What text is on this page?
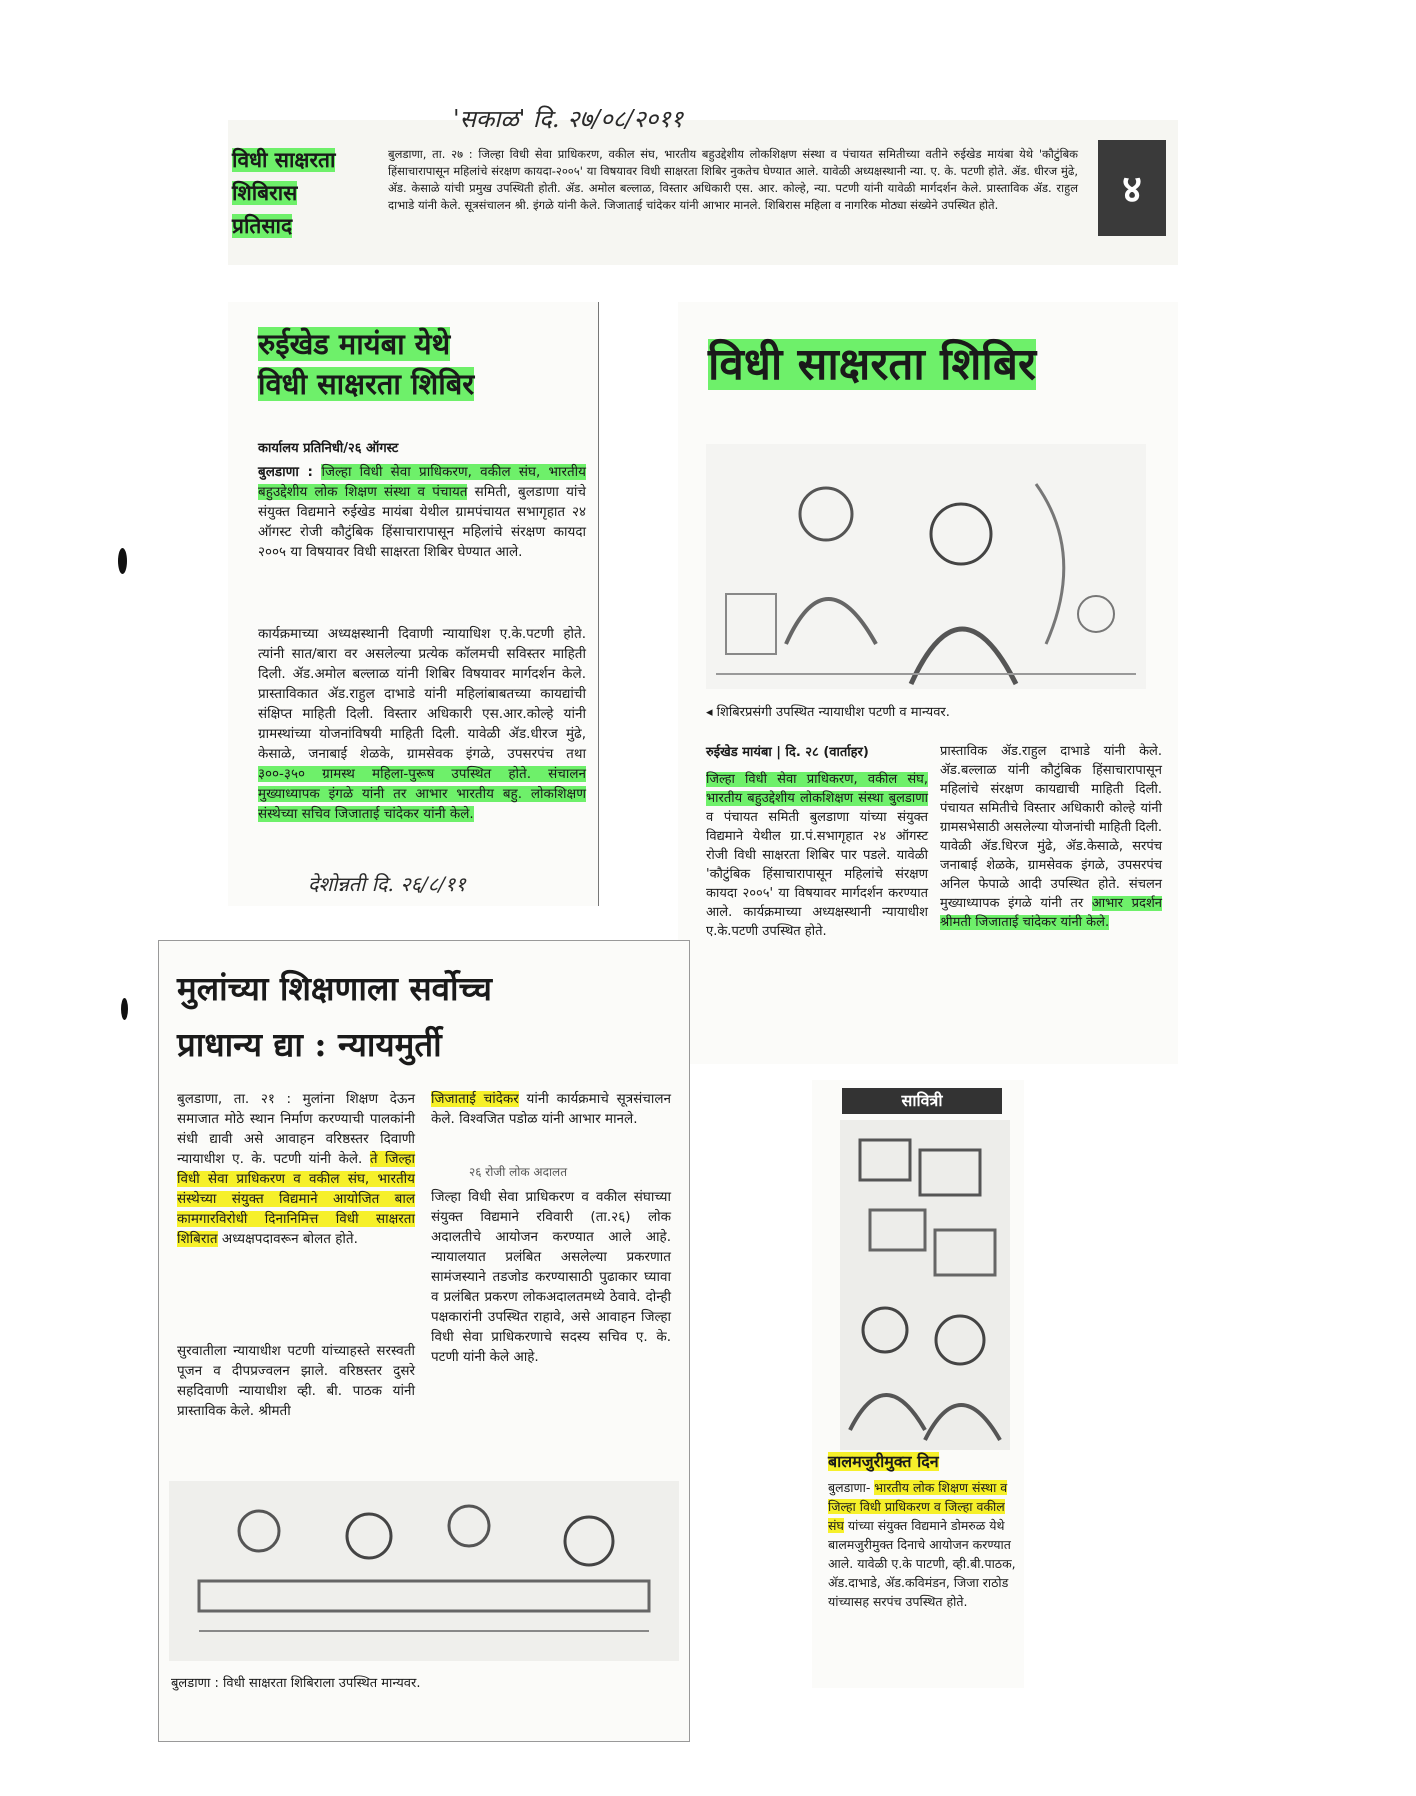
'सकाळ' दि. २७/०८/२०११
विधी साक्षरता
शिबिरास
प्रतिसाद

बुलडाणा, ता. २७ : जिल्हा विधी सेवा प्राधिकरण, वकील संघ, भारतीय बहुउद्देशीय लोकशिक्षण संस्था व पंचायत समितीच्या वतीने रुईखेड मायंबा येथे 'कौटुंबिक हिंसाचारापासून महिलांचे संरक्षण कायदा-२००५' या विषयावर विधी साक्षरता शिबिर नुकतेच घेण्यात आले. यावेळी अध्यक्षस्थानी न्या. ए. के. पटणी होते. ॲड. धीरज मुंढे, ॲड. केसाळे यांची प्रमुख उपस्थिती होती. ॲड. अमोल बल्लाळ, विस्तार अधिकारी एस. आर. कोल्हे, न्या. पटणी यांनी यावेळी मार्गदर्शन केले. प्रास्ताविक ॲड. राहुल दाभाडे यांनी केले. सूत्रसंचालन श्री. इंगळे यांनी केले. जिजाताई चांदेकर यांनी आभार मानले. शिबिरास महिला व नागरिक मोठ्या संख्येने उपस्थित होते.	४
रुईखेड मायंबा येथे
विधी साक्षरता शिबिर
कार्यालय प्रतिनिधी/२६ ऑगस्ट

बुलडाणा : जिल्हा विधी सेवा प्राधिकरण, वकील संघ, भारतीय बहुउद्देशीय लोक शिक्षण संस्था व पंचायत समिती, बुलडाणा यांचे संयुक्त विद्यमाने रुईखेड मायंबा येथील ग्रामपंचायत सभागृहात २४ ऑगस्ट रोजी कौटुंबिक हिंसाचारापासून महिलांचे संरक्षण कायदा २००५ या विषयावर विधी साक्षरता शिबिर घेण्यात आले.

कार्यक्रमाच्या अध्यक्षस्थानी दिवाणी न्यायाधिश ए.के.पटणी होते. त्यांनी सात/बारा वर असलेल्या प्रत्येक कॉलमची सविस्तर माहिती दिली. ॲड.अमोल बल्लाळ यांनी शिबिर विषयावर मार्गदर्शन केले. प्रास्ताविकात ॲड.राहुल दाभाडे यांनी महिलांबाबतच्या कायद्यांची संक्षिप्त माहिती दिली. विस्तार अधिकारी एस.आर.कोल्हे यांनी ग्रामस्थांच्या योजनांविषयी माहिती दिली. यावेळी ॲड.धीरज मुंढे, केसाळे, जनाबाई शेळके, ग्रामसेवक इंगळे, उपसरपंच तथा ३००-३५० ग्रामस्थ महिला-पुरूष उपस्थित होते. संचालन मुख्याध्यापक इंगळे यांनी तर आभार भारतीय बहु. लोकशिक्षण संस्थेच्या सचिव जिजाताई चांदेकर यांनी केले.

देशोन्नती दि. २६/८/११
विधी साक्षरता शिबिर
◂ शिबिरप्रसंगी उपस्थित न्यायाधीश पटणी व मान्यवर.
रुईखेड मायंबा | दि. २८ (वार्ताहर)

जिल्हा विधी सेवा प्राधिकरण, वकील संघ, भारतीय बहुउद्देशीय लोकशिक्षण संस्था बुलडाणा व पंचायत समिती बुलडाणा यांच्या संयुक्त विद्यमाने येथील ग्रा.पं.सभागृहात २४ ऑगस्ट रोजी विधी साक्षरता शिबिर पार पडले. यावेळी 'कौटुंबिक हिंसाचारापासून महिलांचे संरक्षण कायदा २००५' या विषयावर मार्गदर्शन करण्यात आले. कार्यक्रमाच्या अध्यक्षस्थानी न्यायाधीश ए.के.पटणी उपस्थित होते.

प्रास्ताविक ॲड.राहुल दाभाडे यांनी केले. ॲड.बल्लाळ यांनी कौटुंबिक हिंसाचारापासून महिलांचे संरक्षण कायद्याची माहिती दिली. पंचायत समितीचे विस्तार अधिकारी कोल्हे यांनी ग्रामसभेसाठी असलेल्या योजनांची माहिती दिली. यावेळी ॲड.धिरज मुंढे, ॲड.केसाळे, सरपंच जनाबाई शेळके, ग्रामसेवक इंगळे, उपसरपंच अनिल फेपाळे आदी उपस्थित होते. संचलन मुख्याध्यापक इंगळे यांनी तर आभार प्रदर्शन श्रीमती जिजाताई चांदेकर यांनी केले.

मुलांच्या शिक्षणाला सर्वोच्च
प्राधान्य द्या : न्यायमुर्ती

बुलडाणा, ता. २१ : मुलांना शिक्षण देऊन समाजात मोठे स्थान निर्माण करण्याची पालकांनी संधी द्यावी असे आवाहन वरिष्ठस्तर दिवाणी न्यायाधीश ए. के. पटणी यांनी केले. ते जिल्हा विधी सेवा प्राधिकरण व वकील संघ, भारतीय संस्थेच्या संयुक्त विद्यमाने आयोजित बाल कामगारविरोधी दिनानिमित्त विधी साक्षरता शिबिरात अध्यक्षपदावरून बोलत होते.

सुरवातीला न्यायाधीश पटणी यांच्याहस्ते सरस्वती पूजन व दीपप्रज्वलन झाले. वरिष्ठस्तर दुसरे सहदिवाणी न्यायाधीश व्ही. बी. पाठक यांनी प्रास्ताविक केले. श्रीमती

जिजाताई चांदेकर यांनी कार्यक्रमाचे सूत्रसंचालन केले. विश्वजित पडोळ यांनी आभार मानले.

२६ रोजी लोक अदालत

जिल्हा विधी सेवा प्राधिकरण व वकील संघाच्या संयुक्त विद्यमाने रविवारी (ता.२६) लोक अदालतीचे आयोजन करण्यात आले आहे. न्यायालयात प्रलंबित असलेल्या प्रकरणात सामंजस्याने तडजोड करण्यासाठी पुढाकार घ्यावा व प्रलंबित प्रकरण लोकअदालतमध्ये ठेवावे. दोन्ही पक्षकारांनी उपस्थित राहावे, असे आवाहन जिल्हा विधी सेवा प्राधिकरणाचे सदस्य सचिव ए. के. पटणी यांनी केले आहे.

बुलडाणा : विधी साक्षरता शिबिराला उपस्थित मान्यवर.
सावित्री
बालमजुरीमुक्त दिन

बुलडाणा- भारतीय लोक शिक्षण संस्था व जिल्हा विधी प्राधिकरण व जिल्हा वकील संघ यांच्या संयुक्त विद्यमाने डोमरुळ येथे बालमजुरीमुक्त दिनाचे आयोजन करण्यात आले. यावेळी ए.के पाटणी, व्ही.बी.पाठक, ॲड.दाभाडे, ॲड.कविमंडन, जिजा राठोड यांच्यासह सरपंच उपस्थित होते.
